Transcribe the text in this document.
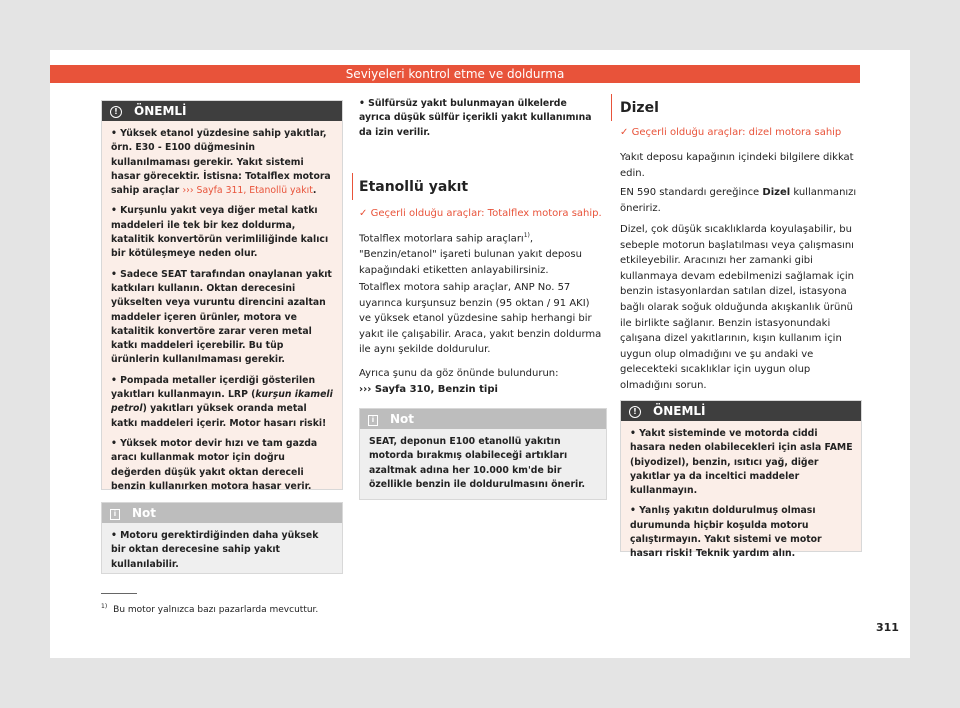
Seviyeleri kontrol etme ve doldurma
! ÖNEMLİ

• Yüksek etanol yüzdesine sahip yakıtlar, örn. E30 - E100 düğmesinin kullanılmaması gerekir. Yakıt sistemi hasar görecektir. İstisna: Totalflex motora sahip araçlar ››› Sayfa 311, Etanollü yakıt.

• Kurşunlu yakıt veya diğer metal katkı maddeleri ile tek bir kez doldurma, katalitik konvertörün verimliliğinde kalıcı bir kötüleşmeye neden olur.

• Sadece SEAT tarafından onaylanan yakıt katkıları kullanın. Oktan derecesini yükselten veya vuruntu direncini azaltan maddeler içeren ürünler, motora ve katalitik konvertöre zarar veren metal katkı maddeleri içerebilir. Bu tüp ürünlerin kullanılmaması gerekir.

• Pompada metaller içerdiği gösterilen yakıtları kullanmayın. LRP (kurşun ikameli petrol) yakıtları yüksek oranda metal katkı maddeleri içerir. Motor hasarı riski!

• Yüksek motor devir hızı ve tam gazda aracı kullanmak motor için doğru değerden düşük yakıt oktan dereceli benzin kullanırken motora hasar verir.

i Not

• Motoru gerektirdiğinden daha yüksek bir oktan derecesine sahip yakıt kullanılabilir.

• Sülfürsüz yakıt bulunmayan ülkelerde ayrıca düşük sülfür içerikli yakıt kullanımına da izin verilir.

Etanollü yakıt
✓ Geçerli olduğu araçlar: Totalflex motora sahip.

Totalflex motorlara sahip araçları$^{1)}$, "Benzin/etanol" işareti bulunan yakıt deposu kapağındaki etiketten anlayabilirsiniz.

Totalflex motora sahip araçlar, ANP No. 57 uyarınca kurşunsuz benzin (95 oktan / 91 AKI) ve yüksek etanol yüzdesine sahip herhangi bir yakıt ile çalışabilir. Araca, yakıt benzin doldurma ile aynı şekilde doldurulur.

Ayrıca şunu da göz önünde bulundurun:
››› Sayfa 310, Benzin tipi

i Not

SEAT, deponun E100 etanollü yakıtın motorda bırakmış olabileceği artıkları azaltmak adına her 10.000 km'de bir özellikle benzin ile doldurulmasını önerir.

Dizel
✓ Geçerli olduğu araçlar: dizel motora sahip

Yakıt deposu kapağının içindeki bilgilere dikkat edin.

EN 590 standardı gereğince Dizel kullanmanızı öneririz.

Dizel, çok düşük sıcaklıklarda koyulaşabilir, bu sebeple motorun başlatılması veya çalışmasını etkileyebilir. Aracınızı her zamanki gibi kullanmaya devam edebilmenizi sağlamak için benzin istasyonlardan satılan dizel, istasyona bağlı olarak soğuk olduğunda akışkanlık ürünü ile birlikte sağlanır. Benzin istasyonundaki çalışana dizel yakıtlarının, kışın kullanım için uygun olup olmadığını ve şu andaki ve gelecekteki sıcaklıklar için uygun olup olmadığını sorun.

! ÖNEMLİ

• Yakıt sisteminde ve motorda ciddi hasara neden olabilecekleri için asla FAME (biyodizel), benzin, ısıtıcı yağ, diğer yakıtlar ya da inceltici maddeler kullanmayın.

• Yanlış yakıtın doldurulmuş olması durumunda hiçbir koşulda motoru çalıştırmayın. Yakıt sistemi ve motor hasarı riski! Teknik yardım alın.

$^{1)}$ Bu motor yalnızca bazı pazarlarda mevcuttur.
311
